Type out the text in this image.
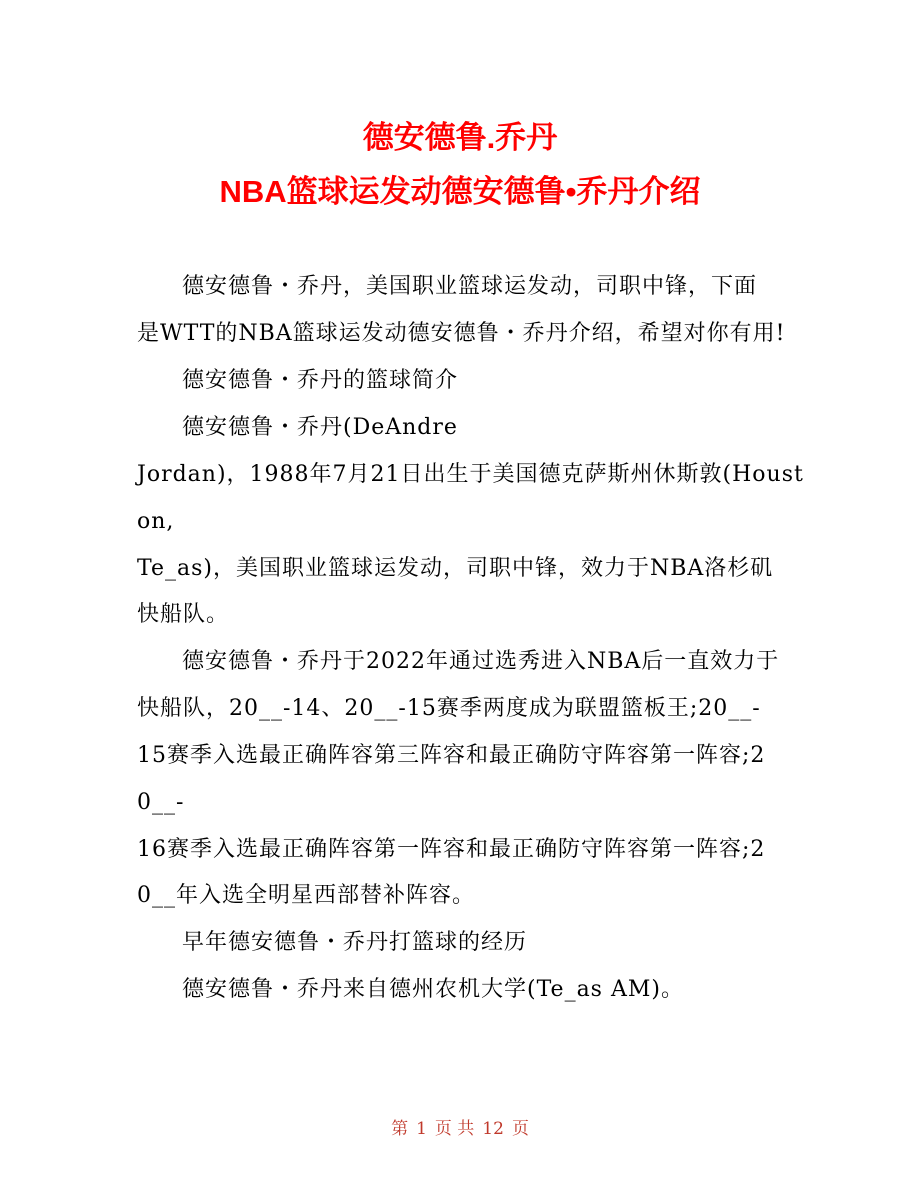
德安德鲁.乔丹
NBA篮球运发动德安德鲁•乔丹介绍
德安德鲁・乔丹，美国职业篮球运发动，司职中锋，下面
是WTT的NBA篮球运发动德安德鲁・乔丹介绍，希望对你有用!
德安德鲁・乔丹的篮球简介
德安德鲁・乔丹(DeAndre
Jordan)，1988年7月21日出生于美国德克萨斯州休斯敦(Houst
on,
Te_as)，美国职业篮球运发动，司职中锋，效力于NBA洛杉矶
快船队。
德安德鲁・乔丹于2022年通过选秀进入NBA后一直效力于
快船队，20__-14、20__-15赛季两度成为联盟篮板王;20__-
15赛季入选最正确阵容第三阵容和最正确防守阵容第一阵容;2
0__-
16赛季入选最正确阵容第一阵容和最正确防守阵容第一阵容;2
0__年入选全明星西部替补阵容。
早年德安德鲁・乔丹打篮球的经历
德安德鲁・乔丹来自德州农机大学(Te_as AM)。
第 1 页 共 12 页
